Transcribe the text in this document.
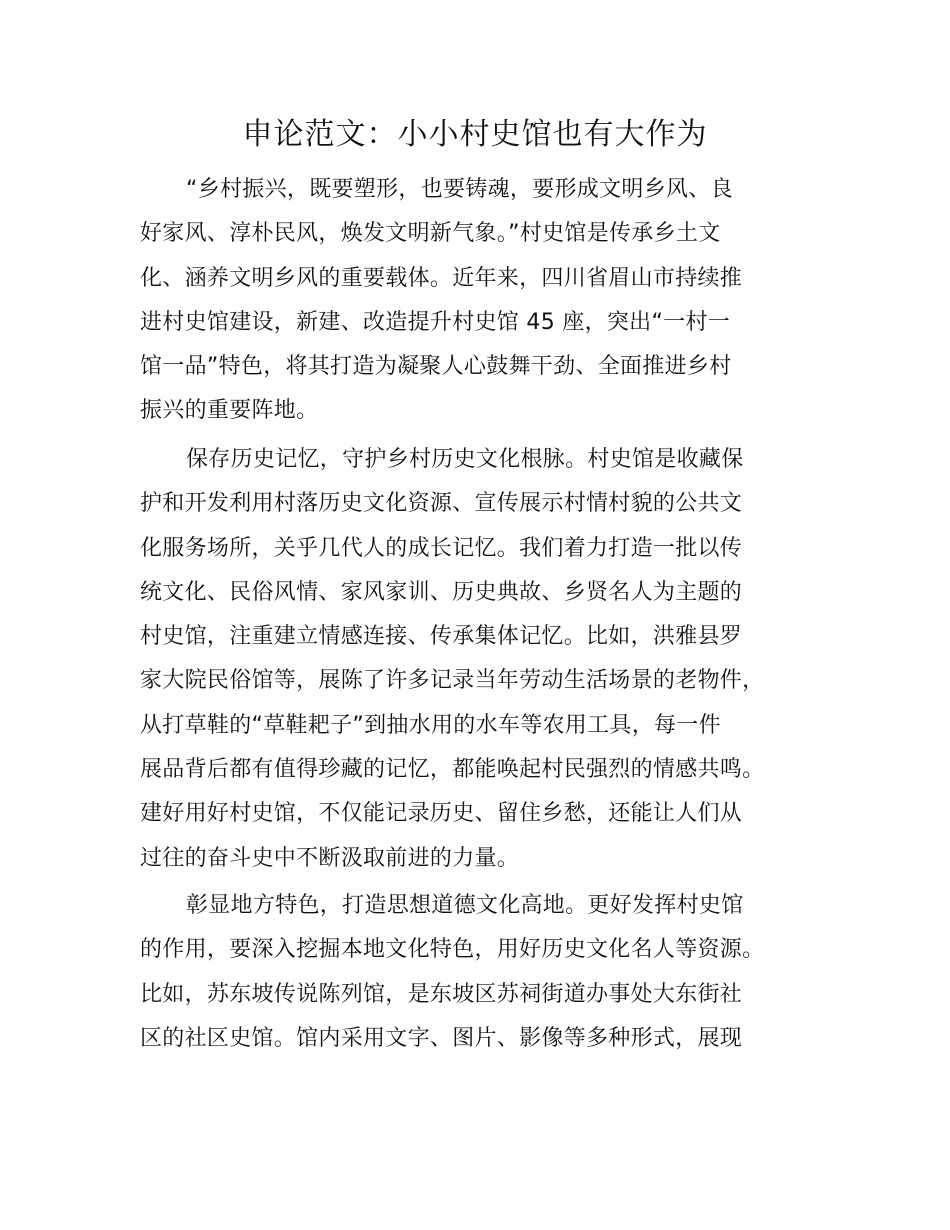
申论范文：小小村史馆也有大作为
“乡村振兴，既要塑形，也要铸魂，要形成文明乡风、良
好家风、淳朴民风，焕发文明新气象。”村史馆是传承乡土文
化、涵养文明乡风的重要载体。近年来，四川省眉山市持续推
进村史馆建设，新建、改造提升村史馆 45 座，突出“一村一
馆一品”特色，将其打造为凝聚人心鼓舞干劲、全面推进乡村
振兴的重要阵地。
保存历史记忆，守护乡村历史文化根脉。村史馆是收藏保
护和开发利用村落历史文化资源、宣传展示村情村貌的公共文
化服务场所，关乎几代人的成长记忆。我们着力打造一批以传
统文化、民俗风情、家风家训、历史典故、乡贤名人为主题的
村史馆，注重建立情感连接、传承集体记忆。比如，洪雅县罗
家大院民俗馆等，展陈了许多记录当年劳动生活场景的老物件，
从打草鞋的“草鞋耙子”到抽水用的水车等农用工具，每一件
展品背后都有值得珍藏的记忆，都能唤起村民强烈的情感共鸣。
建好用好村史馆，不仅能记录历史、留住乡愁，还能让人们从
过往的奋斗史中不断汲取前进的力量。
彰显地方特色，打造思想道德文化高地。更好发挥村史馆
的作用，要深入挖掘本地文化特色，用好历史文化名人等资源。
比如，苏东坡传说陈列馆，是东坡区苏祠街道办事处大东街社
区的社区史馆。馆内采用文字、图片、影像等多种形式，展现
